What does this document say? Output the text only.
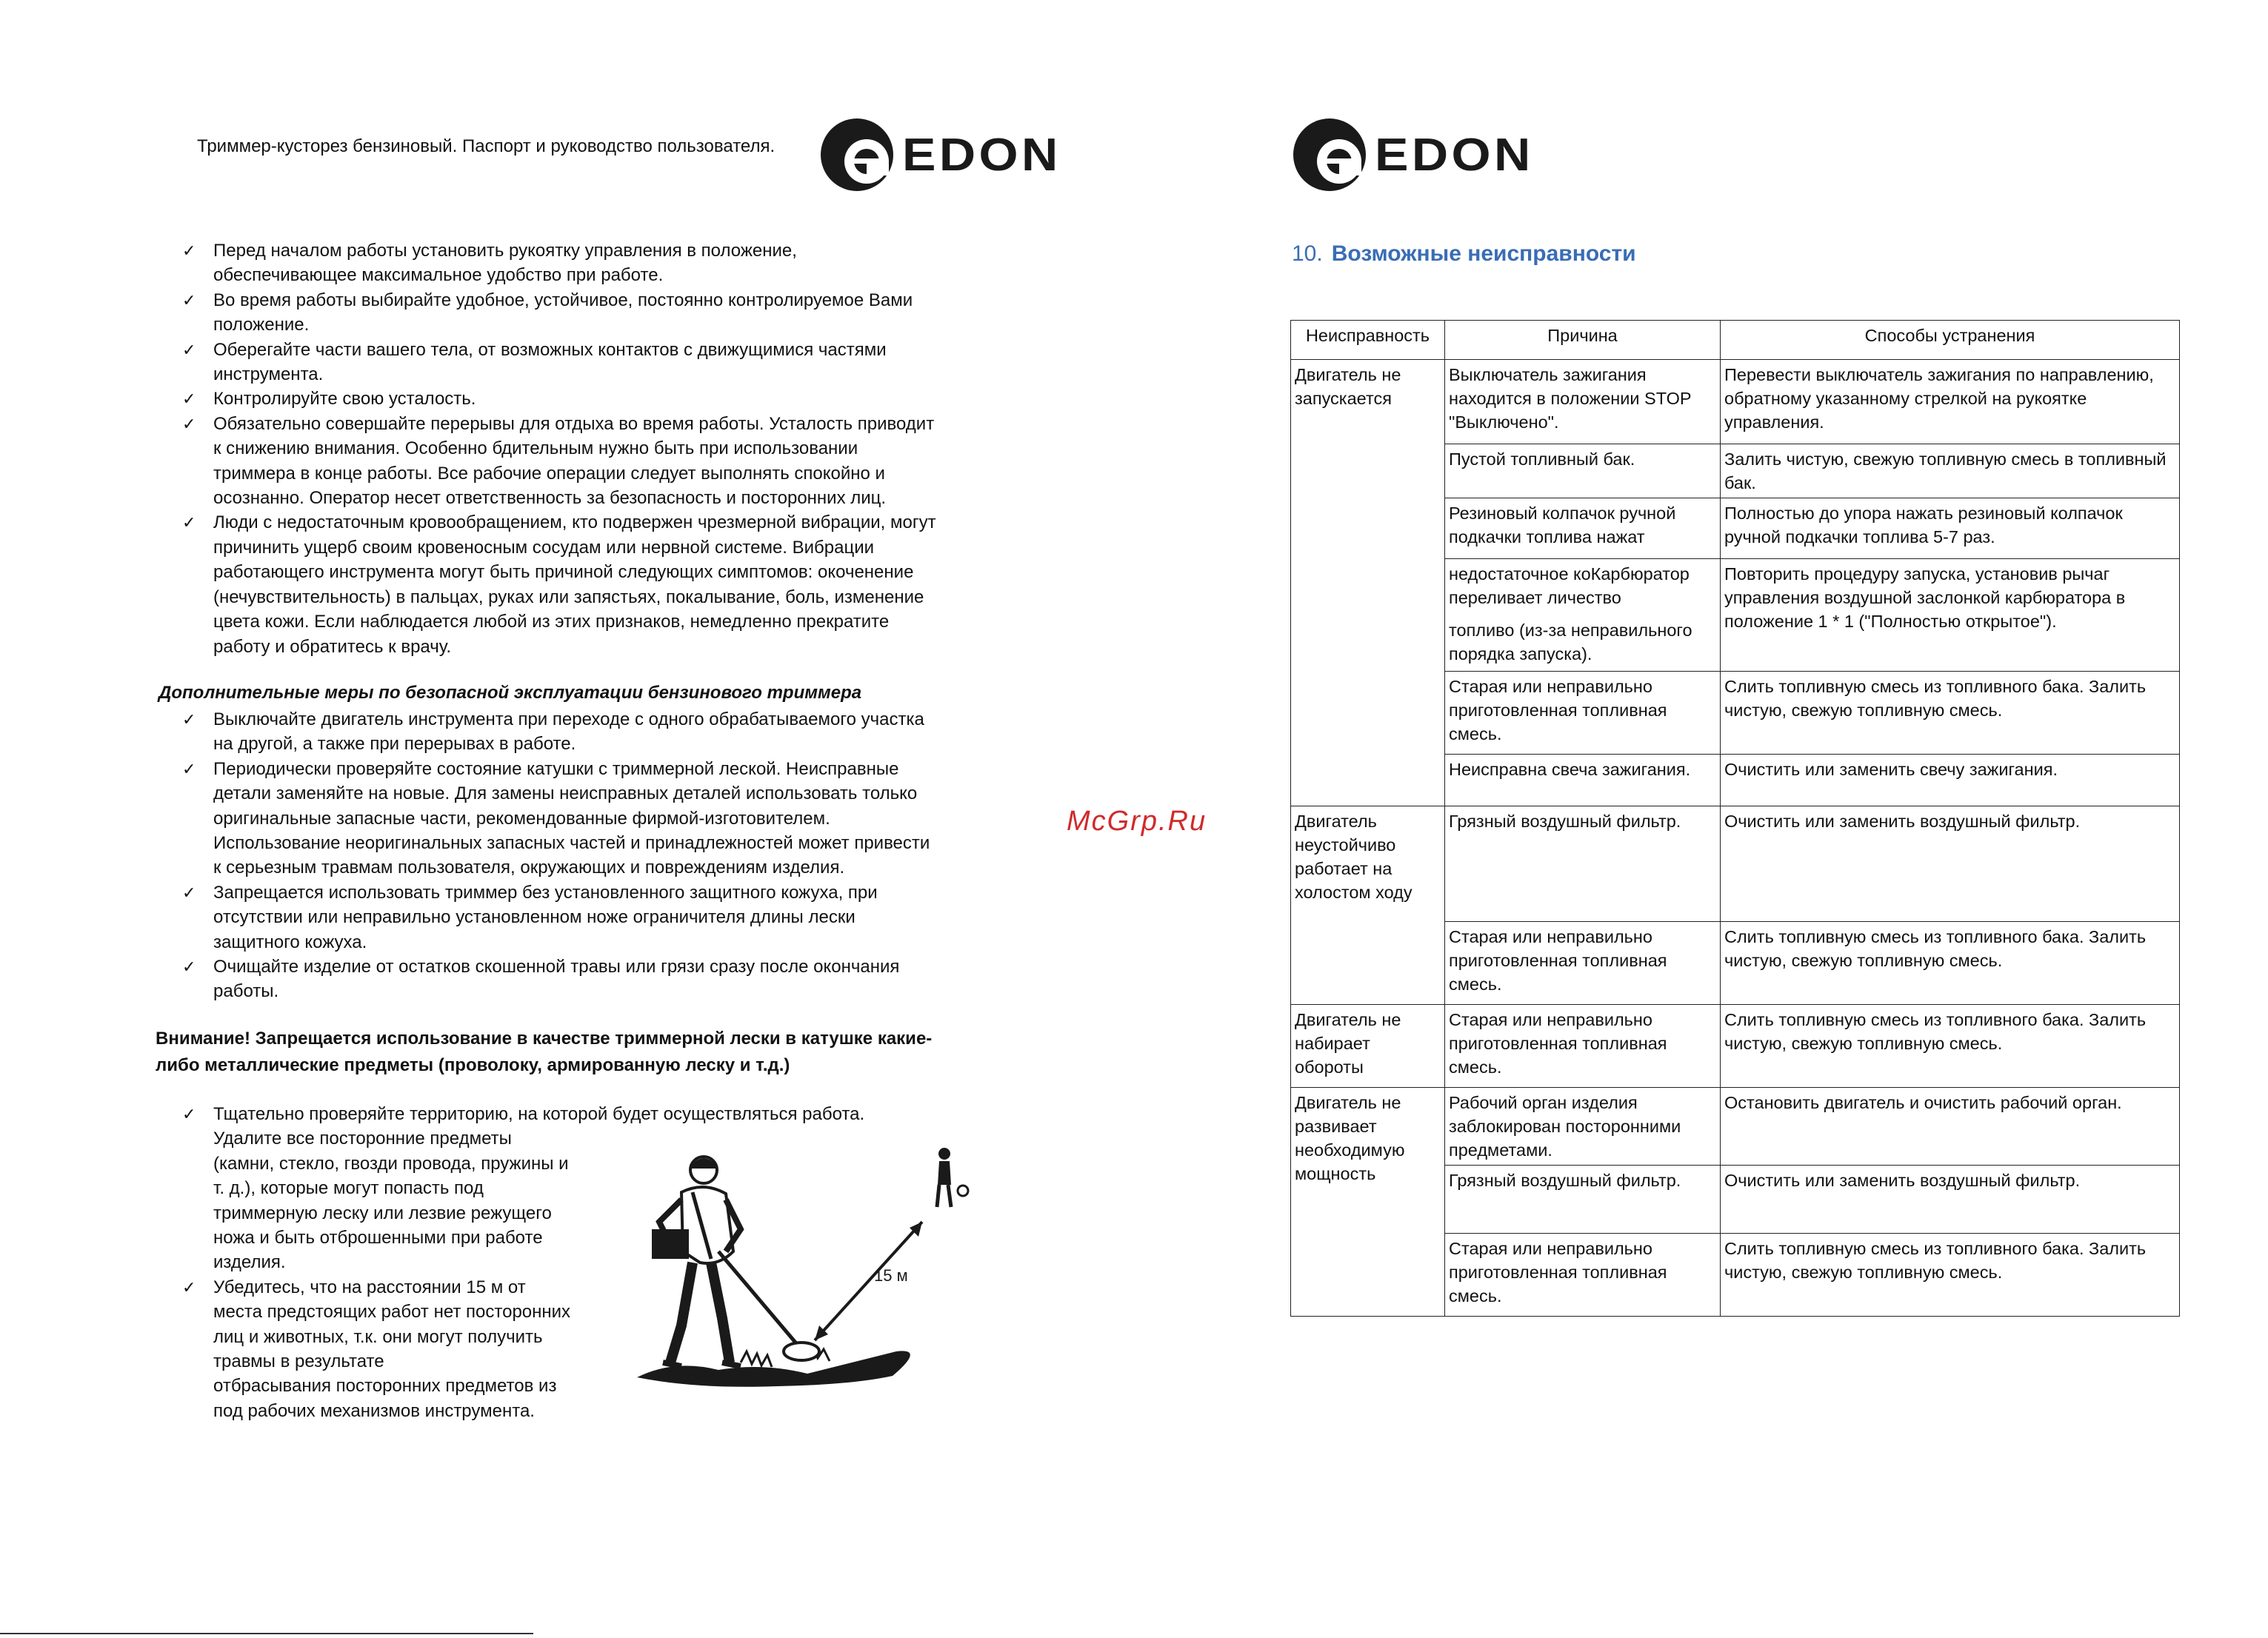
Триммер-кусторез бензиновый. Паспорт и руководство пользователя.	EDON	EDON
✓ Перед началом работы установить рукоятку управления в положение,
обеспечивающее максимальное удобство при работе.
✓ Во время работы выбирайте удобное, устойчивое, постоянно контролируемое Вами
положение.
✓ Оберегайте части вашего тела, от возможных контактов с движущимися частями
инструмента.
✓ Контролируйте свою усталость.
✓ Обязательно совершайте перерывы для отдыха во время работы. Усталость приводит
к снижению внимания. Особенно бдительным нужно быть при использовании
триммера в конце работы. Все рабочие операции следует выполнять спокойно и
осознанно. Оператор несет ответственность за безопасность и посторонних лиц.
✓ Люди с недостаточным кровообращением, кто подвержен чрезмерной вибрации, могут
причинить ущерб своим кровеносным сосудам или нервной системе. Вибрации
работающего инструмента могут быть причиной следующих симптомов: окоченение
(нечувствительность) в пальцах, руках или запястьях, покалывание, боль, изменение
цвета кожи. Если наблюдается любой из этих признаков, немедленно прекратите
работу и обратитесь к врачу.
Дополнительные меры по безопасной эксплуатации бензинового триммера
✓ Выключайте двигатель инструмента при переходе с одного обрабатываемого участка
на другой, а также при перерывах в работе.
✓ Периодически проверяйте состояние катушки с триммерной леской. Неисправные
детали заменяйте на новые. Для замены неисправных деталей использовать только
оригинальные запасные части, рекомендованные фирмой-изготовителем.
Использование неоригинальных запасных частей и принадлежностей может привести
к серьезным травмам пользователя, окружающих и повреждениям изделия.
✓ Запрещается использовать триммер без установленного защитного кожуха, при
отсутствии или неправильно установленном ноже ограничителя длины лески
защитного кожуха.
✓ Очищайте изделие от остатков скошенной травы или грязи сразу после окончания
работы.
Внимание! Запрещается использование в качестве триммерной лески в катушке какие-
либо металлические предметы (проволоку, армированную леску и т.д.)
✓ Тщательно проверяйте территорию, на которой будет осуществляться работа.
Удалите все посторонние предметы
(камни, стекло, гвозди провода, пружины и
т. д.), которые могут попасть под
триммерную леску или лезвие режущего
ножа и быть отброшенными при работе
изделия.
✓ Убедитесь, что на расстоянии 15 м от
места предстоящих работ нет посторонних
лиц и животных, т.к. они могут получить
травмы в результате
отбрасывания посторонних предметов из
под рабочих механизмов инструмента.
15 м
McGrp.Ru
10. Возможные неисправности
Неисправность	Причина	Способы устранения
Двигатель не запускается	Выключатель зажигания находится в положении STOP "Выключено".	Перевести выключатель зажигания по направлению, обратному указанному стрелкой на рукоятке управления.

	Пустой топливный бак.	Залить чистую, свежую топливную смесь в топливный бак.

	Резиновый колпачок ручной подкачки топлива нажат	Полностью до упора нажать резиновый колпачок ручной подкачки топлива 5-7 раз.

	недостаточное коКарбюратор переливает личество
топливо (из-за неправильного порядка запуска).	Повторить процедуру запуска, установив рычаг управления воздушной заслонкой карбюратора в положение 1 * 1 ("Полностью открытое").

	Старая или неправильно приготовленная топливная смесь.	Слить топливную смесь из топливного бака. Залить чистую, свежую топливную смесь.

	Неисправна свеча зажигания.	Очистить или заменить свечу зажигания.
Двигатель неустойчиво работает на холостом ходу	Грязный воздушный фильтр.	Очистить или заменить воздушный фильтр.

	Старая или неправильно приготовленная топливная смесь.	Слить топливную смесь из топливного бака. Залить чистую, свежую топливную смесь.
Двигатель не набирает обороты	Старая или неправильно приготовленная топливная смесь.	Слить топливную смесь из топливного бака. Залить чистую, свежую топливную смесь.
Двигатель не развивает необходимую мощность	Рабочий орган изделия заблокирован посторонними предметами.	Остановить двигатель и очистить рабочий орган.

	Грязный воздушный фильтр.	Очистить или заменить воздушный фильтр.

	Старая или неправильно приготовленная топливная смесь.	Слить топливную смесь из топливного бака. Залить чистую, свежую топливную смесь.
